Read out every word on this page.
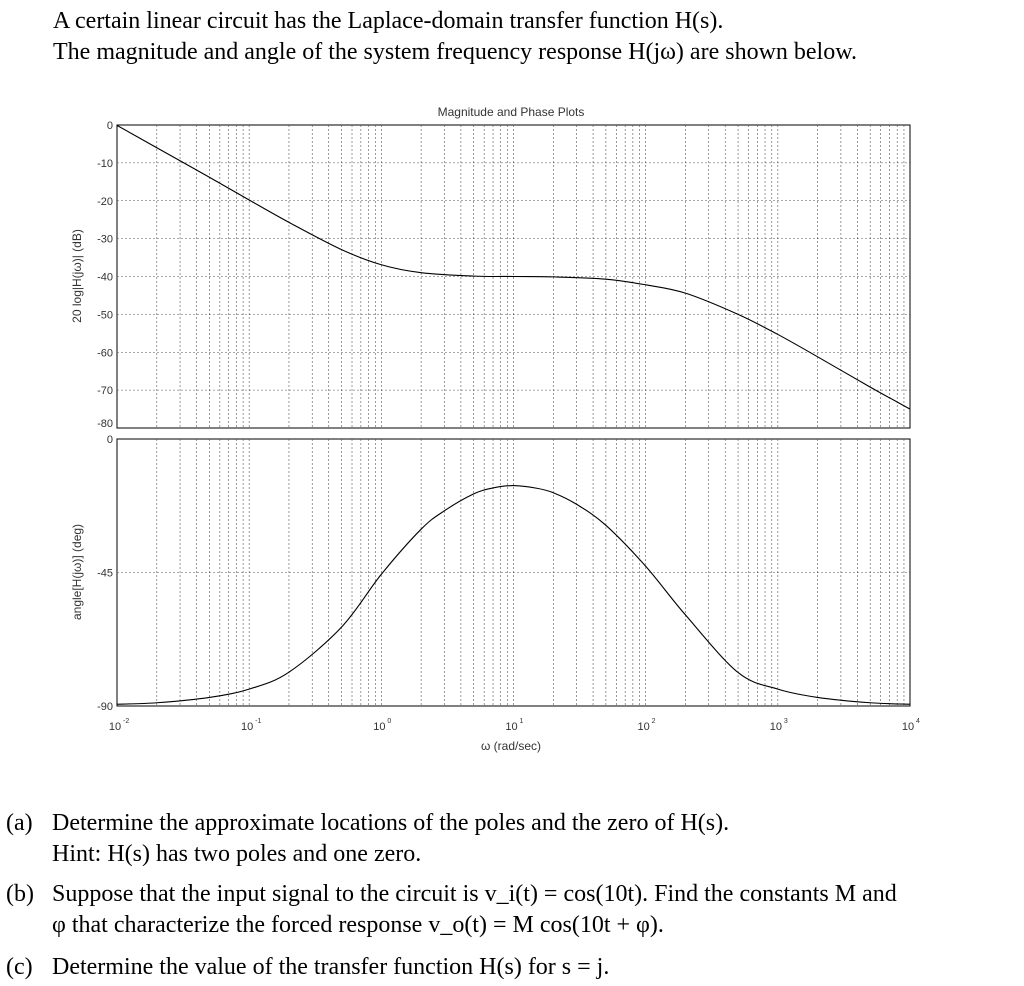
A certain linear circuit has the Laplace-domain transfer function H(s).

The magnitude and angle of the system frequency response H(jω) are shown below.

Magnitude and Phase Plots
0
-10
-20
-30
-40
-50
-60
-70
-80
0
-45
-90
10 -2	10 -1	10 0	10 1	10 2	10 3	10 4
20 log|H(jω)| (dB)
angle[H(jω)] (deg)
ω (rad/sec)
(a) Determine the approximate locations of the poles and the zero of H(s).
Hint: H(s) has two poles and one zero.
(b) Suppose that the input signal to the circuit is v_i(t) = cos(10t). Find the constants M and
φ that characterize the forced response v_o(t) = M cos(10t + φ).
(c) Determine the value of the transfer function H(s) for s = j.
